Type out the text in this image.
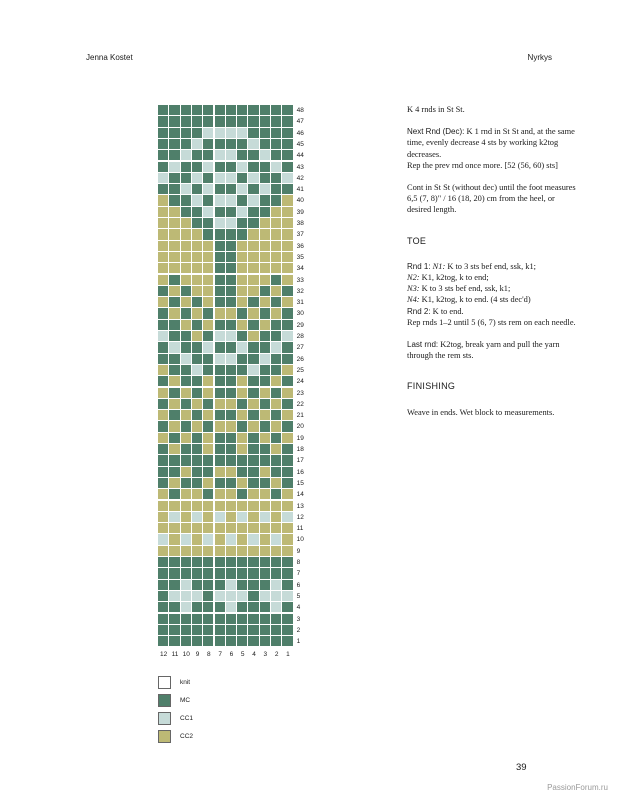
Jenna Kostet	Nyrkys
48
47
46
45
44
43
42
41
40
39
38
37
36
35
34
33
32
31
30
29
28
27
26
25
24
23
22
21
20
19
18
17
16
15
14
13
12
11
10
9
8
7
6
5
4
3
2
1
12 11 10 9	8	7	6	5	4	3	2	1
knit
MC
CC1
CC2

K 4 rnds in St St.

Next Rnd (Dec): K 1 rnd in St St and, at the same time, evenly decrease 4 sts by working k2tog decreases.
Rep the prev rnd once more. [52 (56, 60) sts]

Cont in St St (without dec) until the foot measures 6,5 (7, 8)" / 16 (18, 20) cm from the heel, or desired length.

TOE

Rnd 1: N1: K to 3 sts bef end, ssk, k1;
N2: K1, k2tog, k to end;
N3: K to 3 sts bef end, ssk, k1;
N4: K1, k2tog, k to end. (4 sts dec'd)
Rnd 2: K to end.
Rep rnds 1–2 until 5 (6, 7) sts rem on each needle.

Last rnd: K2tog, break yarn and pull the yarn through the rem sts.

FINISHING

Weave in ends. Wet block to measurements.

39
PassionForum.ru
